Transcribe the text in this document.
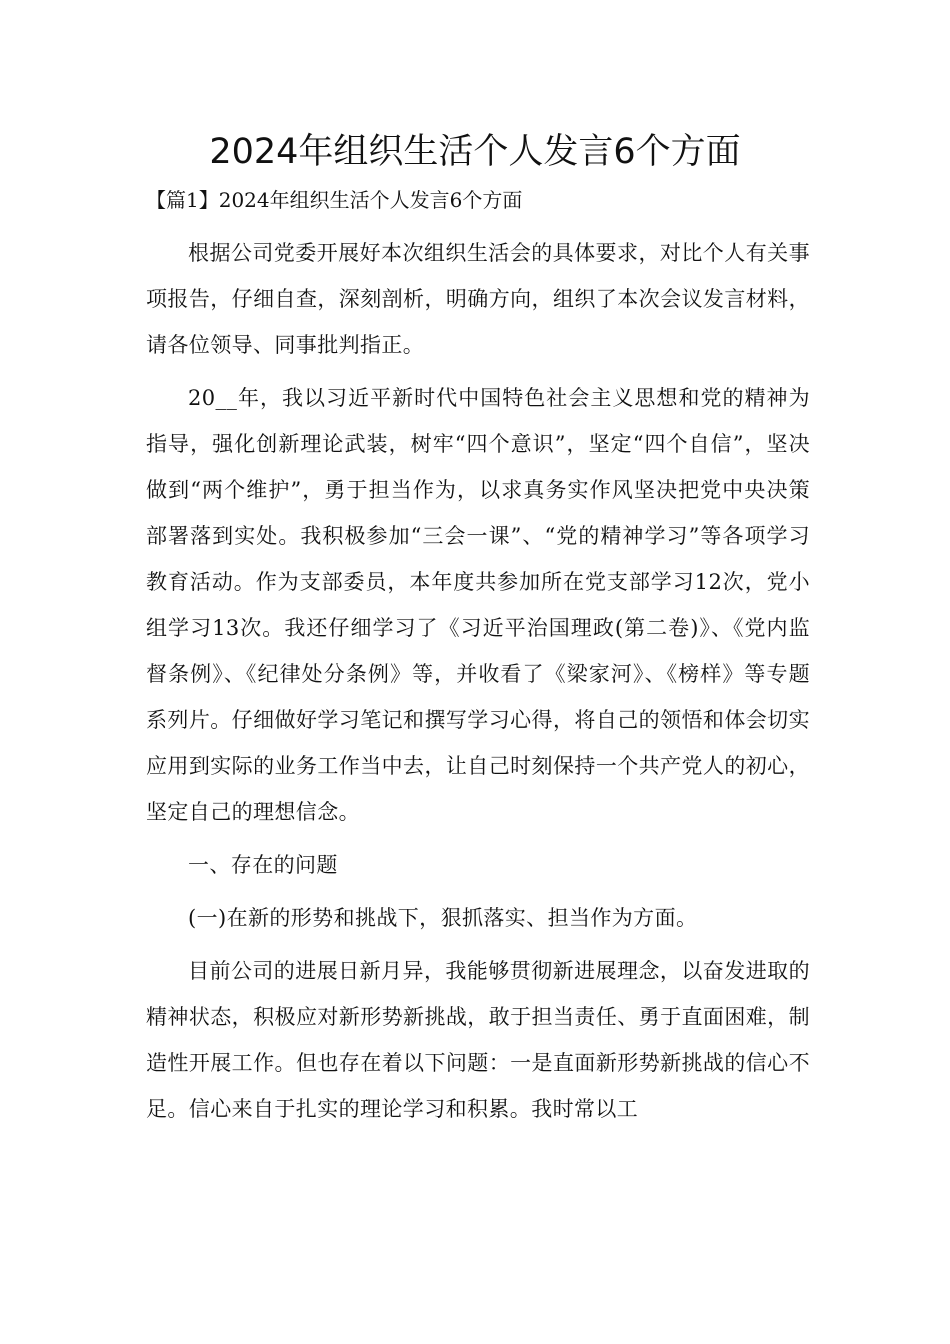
2024年组织生活个人发言6个方面

【篇1】2024年组织生活个人发言6个方面

根据公司党委开展好本次组织生活会的具体要求，对比个人有关事项报告，仔细自查，深刻剖析，明确方向，组织了本次会议发言材料，请各位领导、同事批判指正。

20__年，我以习近平新时代中国特色社会主义思想和党的精神为指导，强化创新理论武装，树牢“四个意识”，坚定“四个自信”，坚决做到“两个维护”，勇于担当作为，以求真务实作风坚决把党中央决策部署落到实处。我积极参加“三会一课”、“党的精神学习”等各项学习教育活动。作为支部委员，本年度共参加所在党支部学习12次，党小组学习13次。我还仔细学习了《习近平治国理政(第二卷)》、《党内监督条例》、《纪律处分条例》等，并收看了《梁家河》、《榜样》等专题系列片。仔细做好学习笔记和撰写学习心得，将自己的领悟和体会切实应用到实际的业务工作当中去，让自己时刻保持一个共产党人的初心，坚定自己的理想信念。

一、存在的问题

(一)在新的形势和挑战下，狠抓落实、担当作为方面。

目前公司的进展日新月异，我能够贯彻新进展理念，以奋发进取的精神状态，积极应对新形势新挑战，敢于担当责任、勇于直面困难，制造性开展工作。但也存在着以下问题：一是直面新形势新挑战的信心不足。信心来自于扎实的理论学习和积累。我时常以工
